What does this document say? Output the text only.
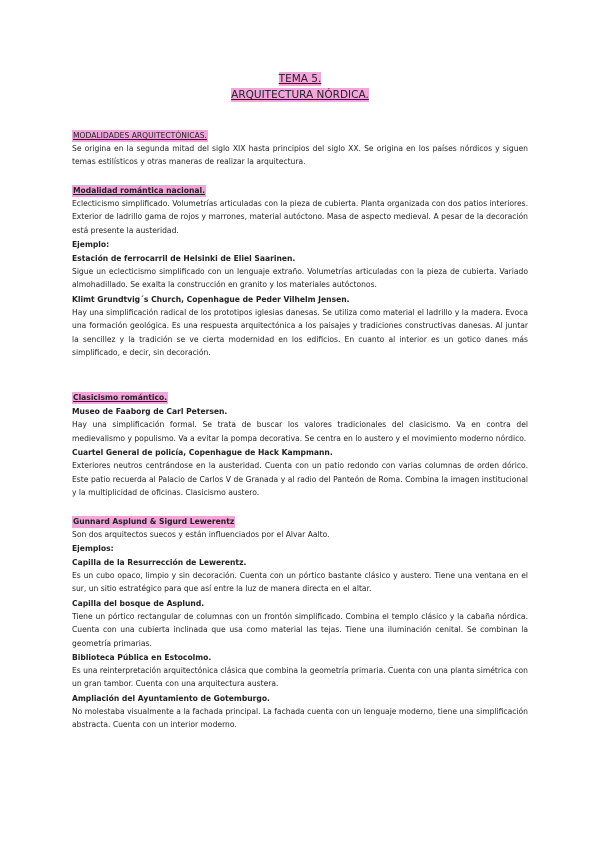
TEMA 5.
ARQUITECTURA NÓRDICA.
MODALIDADES ARQUITECTÓNICAS.

Se origina en la segunda mitad del siglo XIX hasta principios del siglo XX. Se origina en los países nórdicos y siguen temas estilísticos y otras maneras de realizar la arquitectura.

Modalidad romántica nacional.

Eclecticismo simplificado. Volumetrías articuladas con la pieza de cubierta. Planta organizada con dos patios interiores. Exterior de ladrillo gama de rojos y marrones, material autóctono. Masa de aspecto medieval. A pesar de la decoración está presente la austeridad.

Ejemplo:
Estación de ferrocarril de Helsinki de Eliel Saarinen.

Sigue un eclecticismo simplificado con un lenguaje extraño. Volumetrías articuladas con la pieza de cubierta. Variado almohadillado. Se exalta la construcción en granito y los materiales autóctonos.

Klimt Grundtvig´s Church, Copenhague de Peder Vilhelm Jensen.

Hay una simplificación radical de los prototipos iglesias danesas. Se utiliza como material el ladrillo y la madera. Evoca una formación geológica. Es una respuesta arquitectónica a los paisajes y tradiciones constructivas danesas. Al juntar la sencillez y la tradición se ve cierta modernidad en los edificios. En cuanto al interior es un gotico danes más simplificado, e decir, sin decoración.

Clasicismo romántico.
Museo de Faaborg de Carl Petersen.

Hay una simplificación formal. Se trata de buscar los valores tradicionales del clasicismo. Va en contra del medievalismo y populismo. Va a evitar la pompa decorativa. Se centra en lo austero y el movimiento moderno nórdico.

Cuartel General de policía, Copenhague de Hack Kampmann.

Exteriores neutros centrándose en la austeridad. Cuenta con un patio redondo con varias columnas de orden dórico. Este patio recuerda al Palacio de Carlos V de Granada y al radio del Panteón de Roma. Combina la imagen institucional y la multiplicidad de oficinas. Clasicismo austero.

Gunnard Asplund & Sigurd Lewerentz

Son dos arquitectos suecos y están influenciados por el Alvar Aalto.

Ejemplos:
Capilla de la Resurrección de Lewerentz.

Es un cubo opaco, limpio y sin decoración. Cuenta con un pórtico bastante clásico y austero. Tiene una ventana en el sur, un sitio estratégico para que así entre la luz de manera directa en el altar.

Capilla del bosque de Asplund.

Tiene un pórtico rectangular de columnas con un frontón simplificado. Combina el templo clásico y la cabaña nórdica. Cuenta con una cubierta inclinada que usa como material las tejas. Tiene una iluminación cenital. Se combinan la geometría primarias.

Biblioteca Pública en Estocolmo.

Es una reinterpretación arquitectónica clásica que combina la geometría primaria. Cuenta con una planta simétrica con un gran tambor. Cuenta con una arquitectura austera.

Ampliación del Ayuntamiento de Gotemburgo.

No molestaba visualmente a la fachada principal. La fachada cuenta con un lenguaje moderno, tiene una simplificación abstracta. Cuenta con un interior moderno.
